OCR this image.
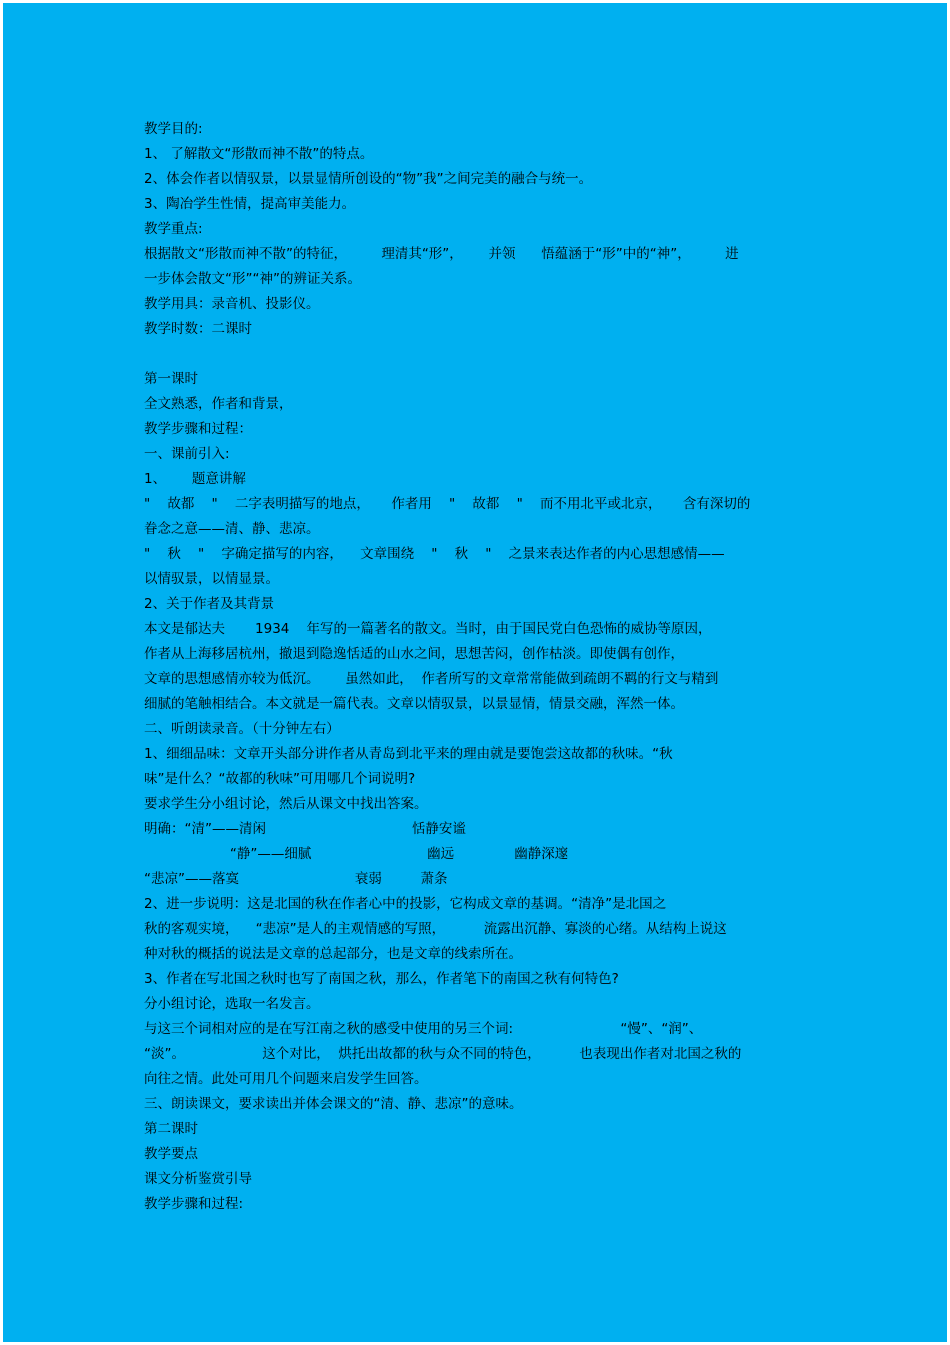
教学目的:
1、 了解散文“形散而神不散”的特点。
2、体会作者以情驭景，以景显情所创设的“物”我”之间完美的融合与统一。
3、陶冶学生性情，提高审美能力。
教学重点:
根据散文“形散而神不散”的特征，        理清其“形”，      并领      悟蕴涵于“形”中的“神”，        进
一步体会散文“形”“神”的辨证关系。
教学用具：录音机、投影仪。
教学时数：二课时
第一课时
全文熟悉，作者和背景，
教学步骤和过程：
一、课前引入:
1、      题意讲解
"    故都    "    二字表明描写的地点，     作者用    "    故都    "    而不用北平或北京，     含有深切的
眷念之意——清、静、悲凉。
"    秋    "    字确定描写的内容，    文章围绕    "    秋    "    之景来表达作者的内心思想感情——
以情驭景，以情显景。
2、关于作者及其背景
本文是郁达夫       1934    年写的一篇著名的散文。当时，由于国民党白色恐怖的威协等原因，
作者从上海移居杭州，撤退到隐逸恬适的山水之间，思想苦闷，创作枯淡。即使偶有创作，
文章的思想感情亦较为低沉。      虽然如此，  作者所写的文章常常能做到疏朗不羁的行文与精到
细腻的笔触相结合。本文就是一篇代表。文章以情驭景，以景显情，情景交融，浑然一体。
二、听朗读录音。（十分钟左右）
1、细细品味：文章开头部分讲作者从青岛到北平来的理由就是要饱尝这故都的秋味。“秋
味”是什么？“故都的秋味”可用哪几个词说明?
要求学生分小组讨论，然后从课文中找出答案。
明确：“清”——清闲                                  恬静安谧
“静”——细腻                           幽远              幽静深邃
“悲凉”——落寞                           衰弱         萧条
2、进一步说明：这是北国的秋在作者心中的投影，它构成文章的基调。“清净”是北国之
秋的客观实境，    “悲凉”是人的主观情感的写照，         流露出沉静、寡淡的心绪。从结构上说这
种对秋的概括的说法是文章的总起部分，也是文章的线索所在。
3、作者在写北国之秋时也写了南国之秋，那么，作者笔下的南国之秋有何特色?
分小组讨论，选取一名发言。
与这三个词相对应的是在写江南之秋的感受中使用的另三个词:                         “慢”、“润”、
“淡”。                  这个对比，  烘托出故都的秋与众不同的特色，         也表现出作者对北国之秋的
向往之情。此处可用几个问题来启发学生回答。
三、朗读课文，要求读出并体会课文的“清、静、悲凉”的意味。
第二课时
教学要点
课文分析鉴赏引导
教学步骤和过程:
